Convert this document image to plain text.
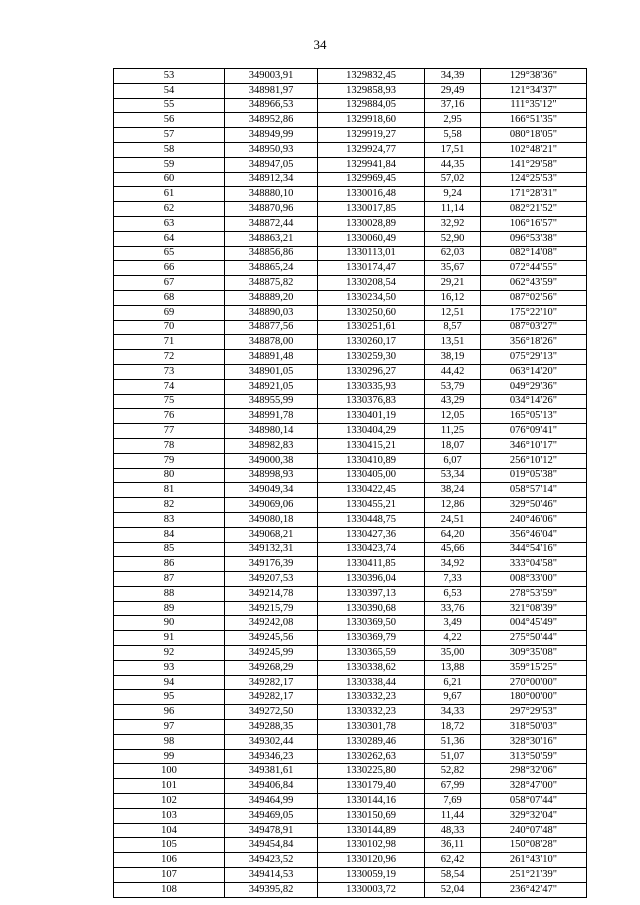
34
53	349003,91	1329832,45	34,39	129°38'36"
54	348981,97	1329858,93	29,49	121°34'37"
55	348966,53	1329884,05	37,16	111°35'12"
56	348952,86	1329918,60	2,95	166°51'35"
57	348949,99	1329919,27	5,58	080°18'05"
58	348950,93	1329924,77	17,51	102°48'21"
59	348947,05	1329941,84	44,35	141°29'58"
60	348912,34	1329969,45	57,02	124°25'53"
61	348880,10	1330016,48	9,24	171°28'31"
62	348870,96	1330017,85	11,14	082°21'52"
63	348872,44	1330028,89	32,92	106°16'57"
64	348863,21	1330060,49	52,90	096°53'38"
65	348856,86	1330113,01	62,03	082°14'08"
66	348865,24	1330174,47	35,67	072°44'55"
67	348875,82	1330208,54	29,21	062°43'59"
68	348889,20	1330234,50	16,12	087°02'56"
69	348890,03	1330250,60	12,51	175°22'10"
70	348877,56	1330251,61	8,57	087°03'27"
71	348878,00	1330260,17	13,51	356°18'26"
72	348891,48	1330259,30	38,19	075°29'13"
73	348901,05	1330296,27	44,42	063°14'20"
74	348921,05	1330335,93	53,79	049°29'36"
75	348955,99	1330376,83	43,29	034°14'26"
76	348991,78	1330401,19	12,05	165°05'13"
77	348980,14	1330404,29	11,25	076°09'41"
78	348982,83	1330415,21	18,07	346°10'17"
79	349000,38	1330410,89	6,07	256°10'12"
80	348998,93	1330405,00	53,34	019°05'38"
81	349049,34	1330422,45	38,24	058°57'14"
82	349069,06	1330455,21	12,86	329°50'46"
83	349080,18	1330448,75	24,51	240°46'06"
84	349068,21	1330427,36	64,20	356°46'04"
85	349132,31	1330423,74	45,66	344°54'16"
86	349176,39	1330411,85	34,92	333°04'58"
87	349207,53	1330396,04	7,33	008°33'00"
88	349214,78	1330397,13	6,53	278°53'59"
89	349215,79	1330390,68	33,76	321°08'39"
90	349242,08	1330369,50	3,49	004°45'49"
91	349245,56	1330369,79	4,22	275°50'44"
92	349245,99	1330365,59	35,00	309°35'08"
93	349268,29	1330338,62	13,88	359°15'25"
94	349282,17	1330338,44	6,21	270°00'00"
95	349282,17	1330332,23	9,67	180°00'00"
96	349272,50	1330332,23	34,33	297°29'53"
97	349288,35	1330301,78	18,72	318°50'03"
98	349302,44	1330289,46	51,36	328°30'16"
99	349346,23	1330262,63	51,07	313°50'59"
100	349381,61	1330225,80	52,82	298°32'06"
101	349406,84	1330179,40	67,99	328°47'00"
102	349464,99	1330144,16	7,69	058°07'44"
103	349469,05	1330150,69	11,44	329°32'04"
104	349478,91	1330144,89	48,33	240°07'48"
105	349454,84	1330102,98	36,11	150°08'28"
106	349423,52	1330120,96	62,42	261°43'10"
107	349414,53	1330059,19	58,54	251°21'39"
108	349395,82	1330003,72	52,04	236°42'47"
